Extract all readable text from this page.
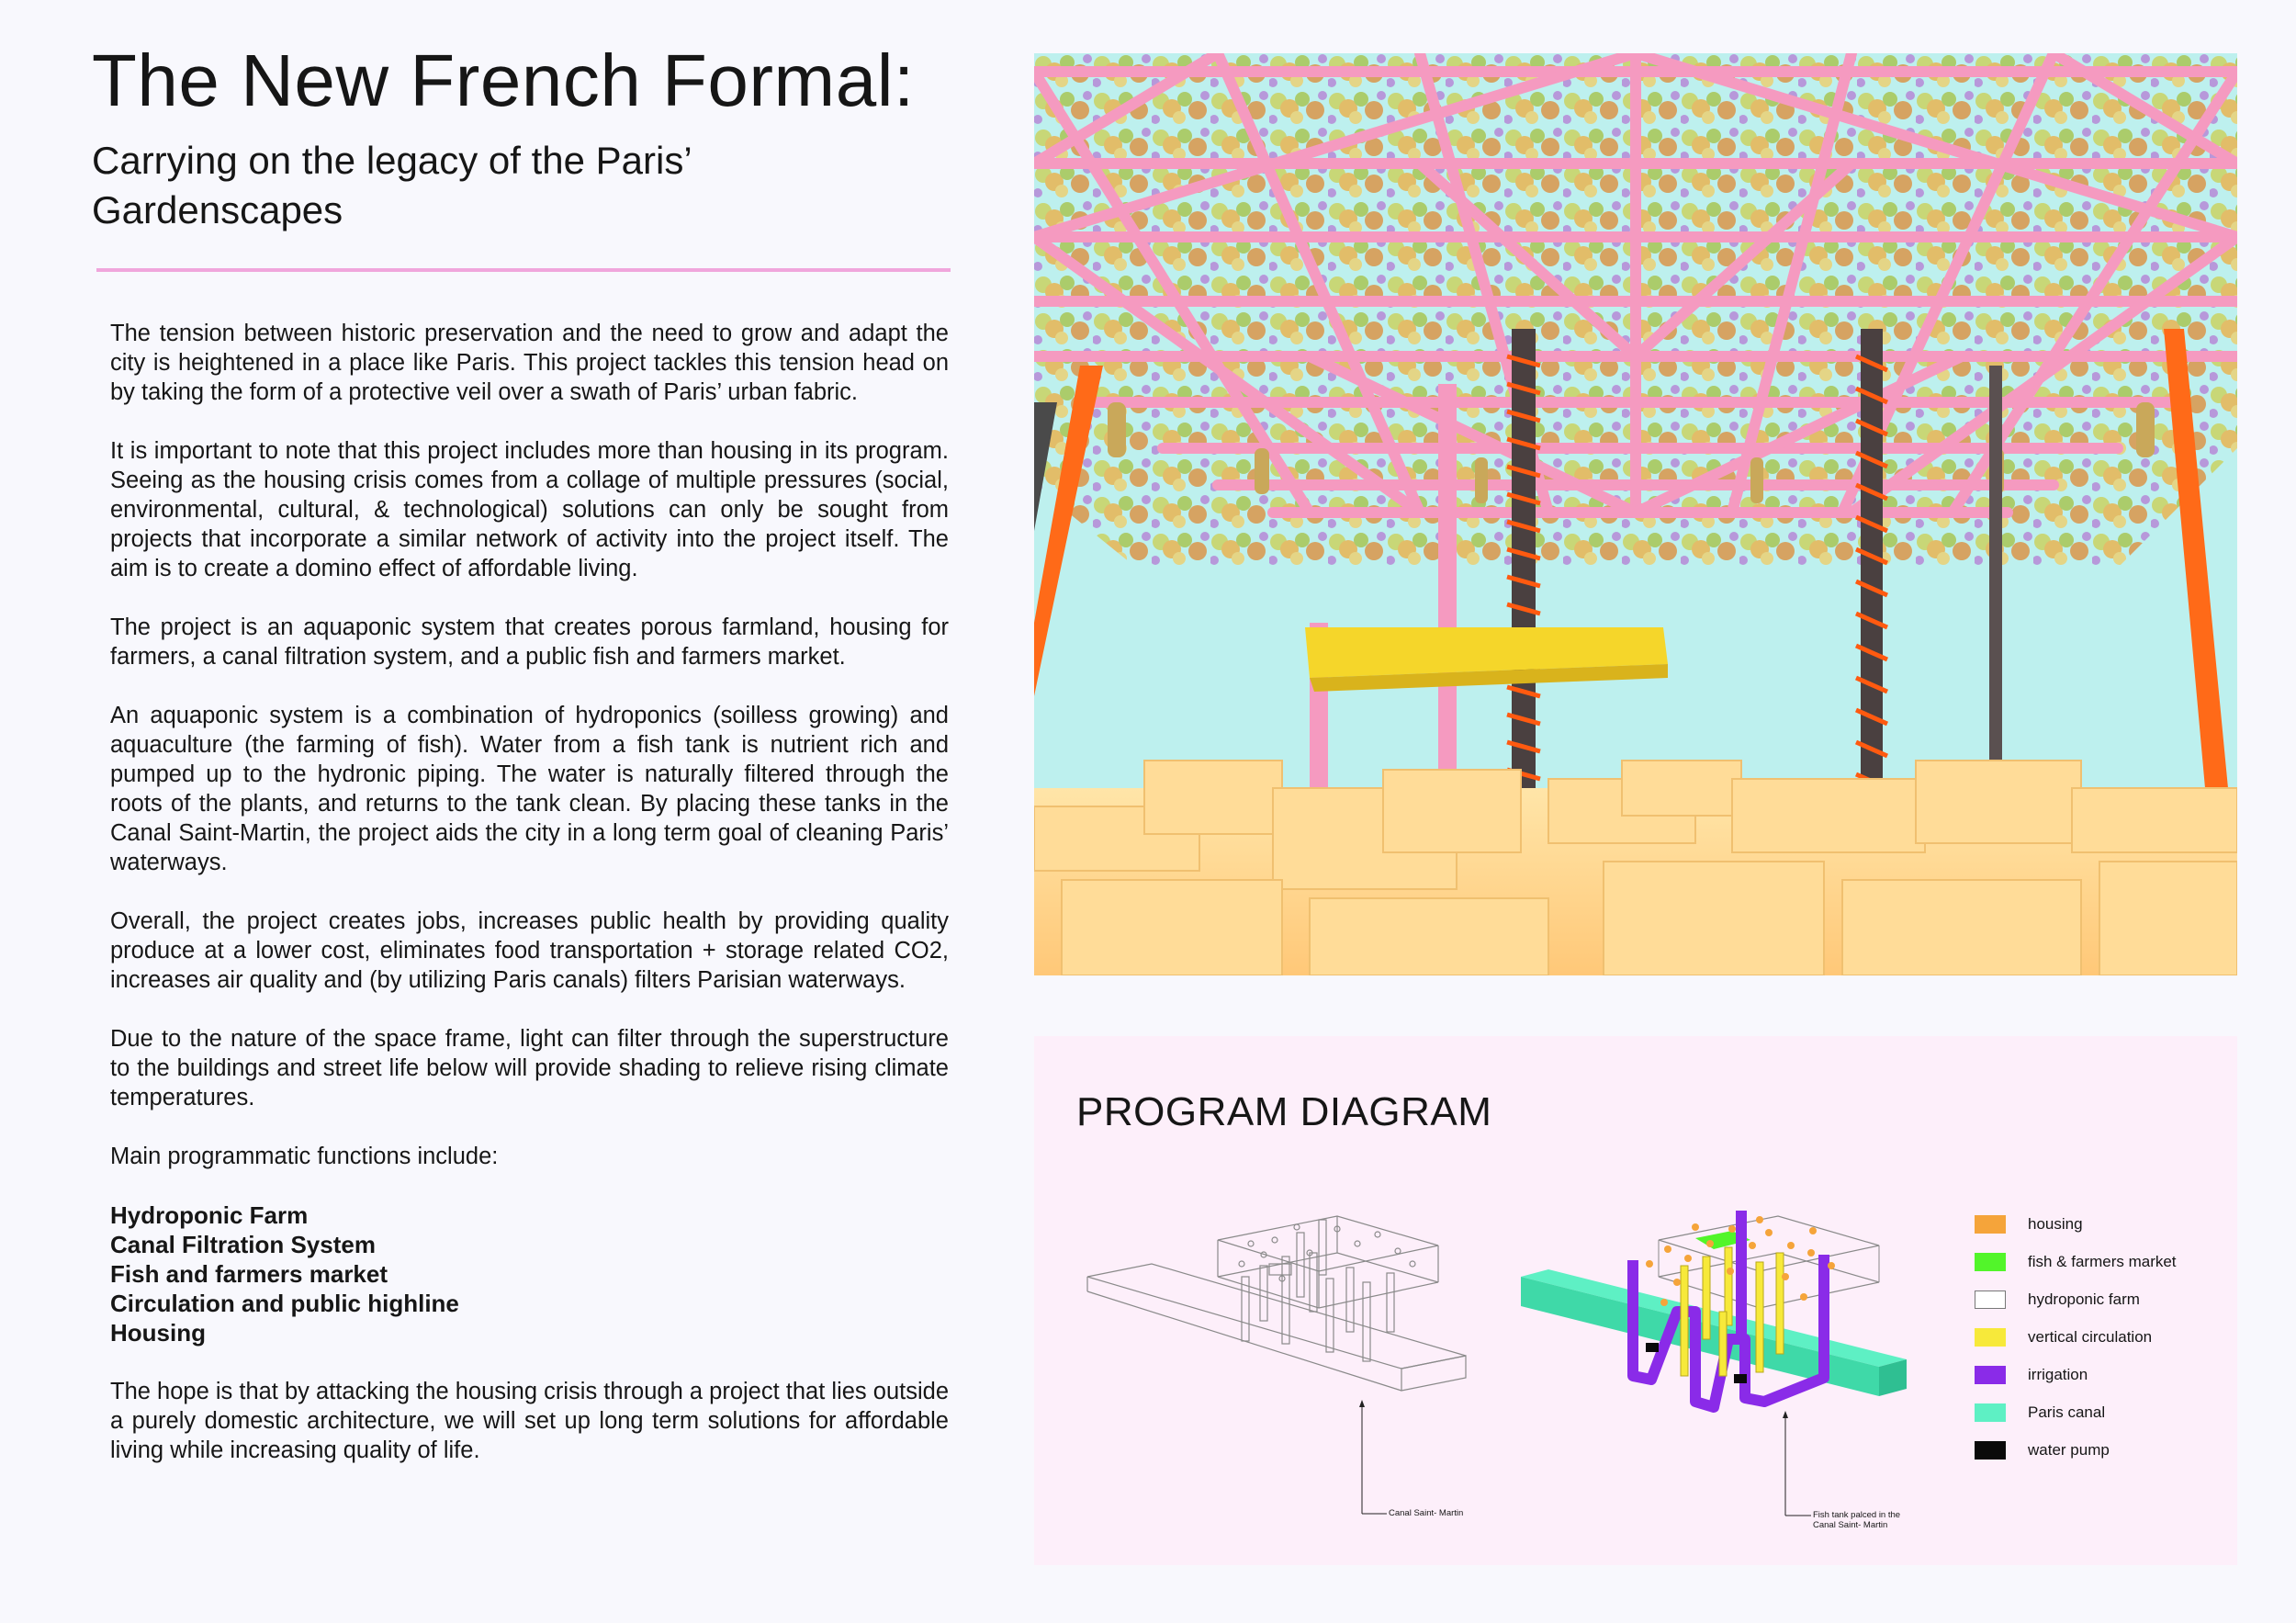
The New French Formal:
Carrying on the legacy of the Paris’ Gardenscapes

The tension between historic preservation and the need to grow and adapt the city is heightened in a place like Paris. This project tackles this tension head on by taking the form of a protective veil over a swath of Paris’ urban fabric.

It is important to note that this project includes more than housing in its program. Seeing as the housing crisis comes from a collage of multiple pressures (social, environmental, cultural, & technological) solutions can only be sought from projects that incorporate a similar network of activity into the project itself. The aim is to create a domino effect of affordable living.

The project is an aquaponic system that creates porous farmland, housing for farmers, a canal filtration system, and a public fish and farmers market.

An aquaponic system is a combination of hydroponics (soilless growing) and aquaculture (the farming of fish). Water from a fish tank is nutrient rich and pumped up to the hydronic piping. The water is naturally filtered through the roots of the plants, and returns to the tank clean. By placing these tanks in the Canal Saint-Martin, the project aids the city in a long term goal of cleaning Paris’ waterways.

Overall, the project creates jobs, increases public health by providing quality produce at a lower cost, eliminates food transportation + storage related CO2, increases air quality and (by utilizing Paris canals) filters Parisian waterways.

Due to the nature of the space frame, light can filter through the superstructure to the buildings and street life below will provide shading to relieve rising climate temperatures.

Main programmatic functions include:

Hydroponic Farm
Canal Filtration System
Fish and farmers market
Circulation and public highline
Housing

The hope is that by attacking the housing crisis through a project that lies outside a purely domestic architecture, we will set up long term solutions for affordable living while increasing quality of life.

PROGRAM DIAGRAM
Canal Saint- Martin	Fish tank palced in the
Canal Saint- Martin
housing
fish & farmers market
hydroponic farm
vertical circulation
irrigation
Paris canal
water pump
